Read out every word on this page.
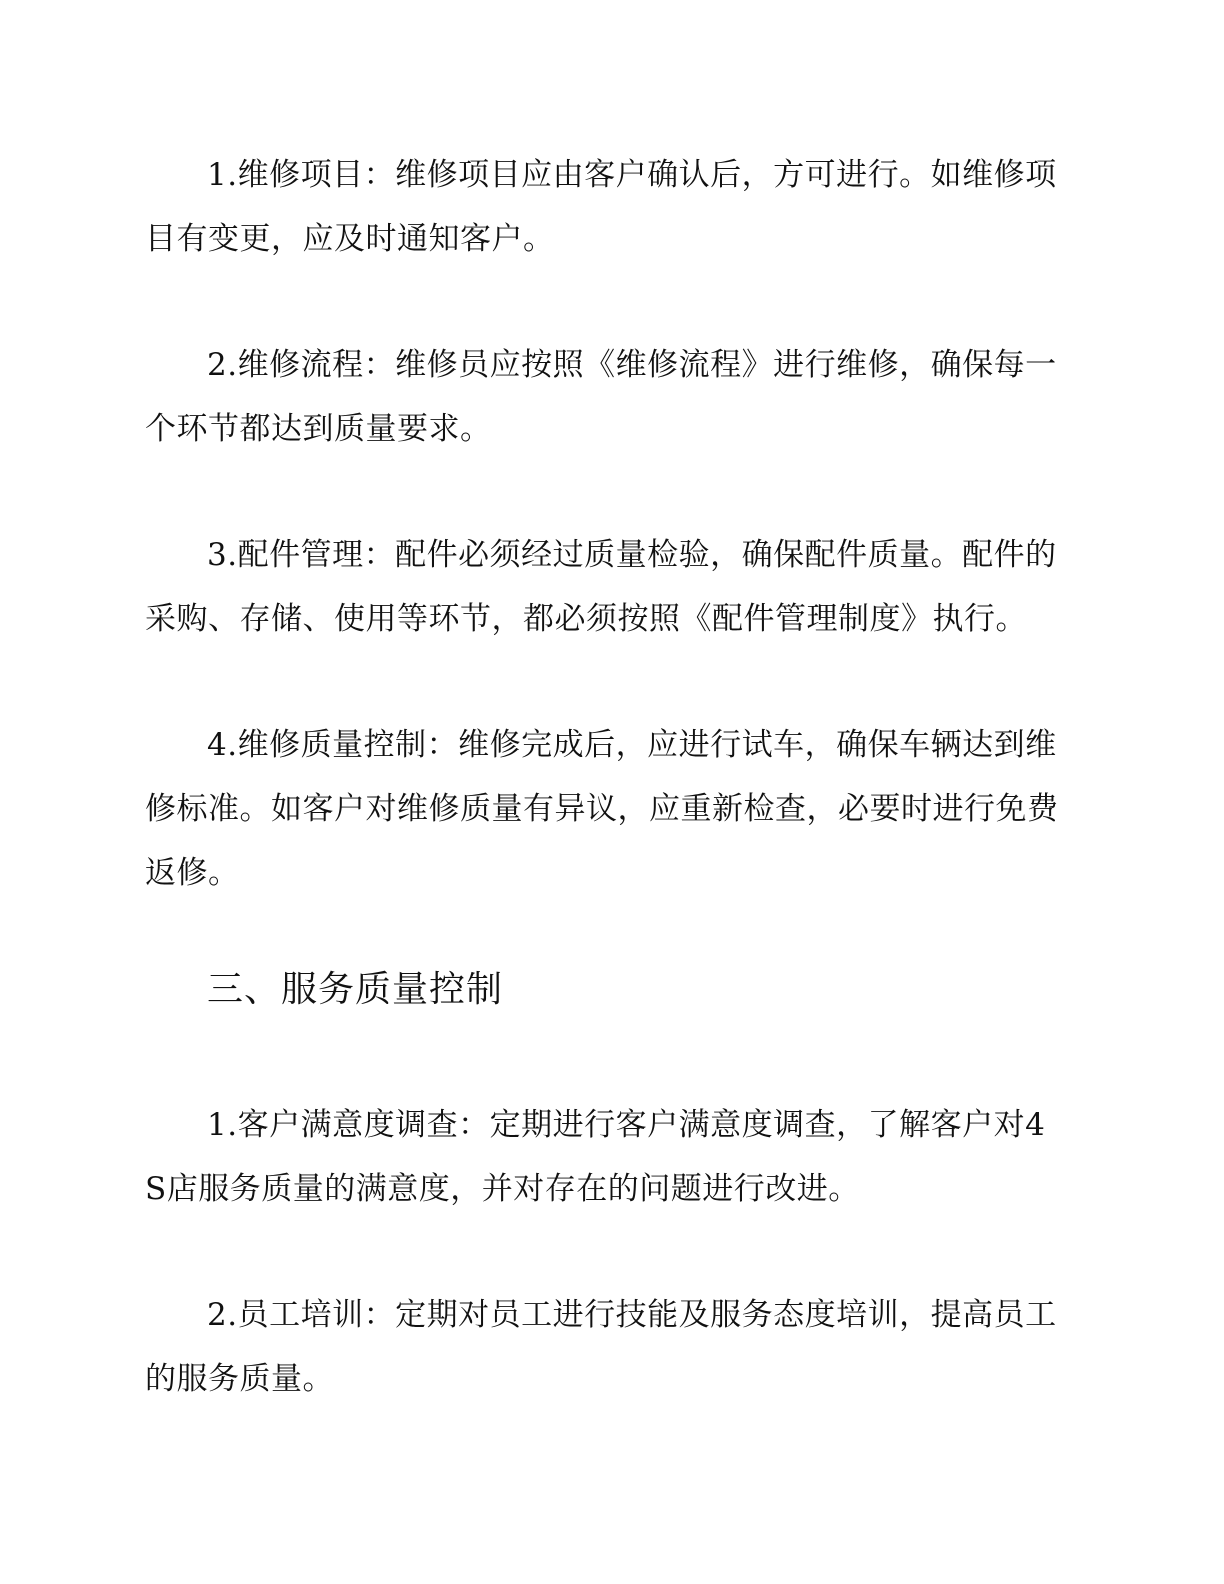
1.维修项目：维修项目应由客户确认后，方可进行。如维修项目有变更，应及时通知客户。

2.维修流程：维修员应按照《维修流程》进行维修，确保每一个环节都达到质量要求。

3.配件管理：配件必须经过质量检验，确保配件质量。配件的采购、存储、使用等环节，都必须按照《配件管理制度》执行。

4.维修质量控制：维修完成后，应进行试车，确保车辆达到维修标准。如客户对维修质量有异议，应重新检查，必要时进行免费返修。

三、服务质量控制

1.客户满意度调查：定期进行客户满意度调查，了解客户对4S店服务质量的满意度，并对存在的问题进行改进。

2.员工培训：定期对员工进行技能及服务态度培训，提高员工的服务质量。
